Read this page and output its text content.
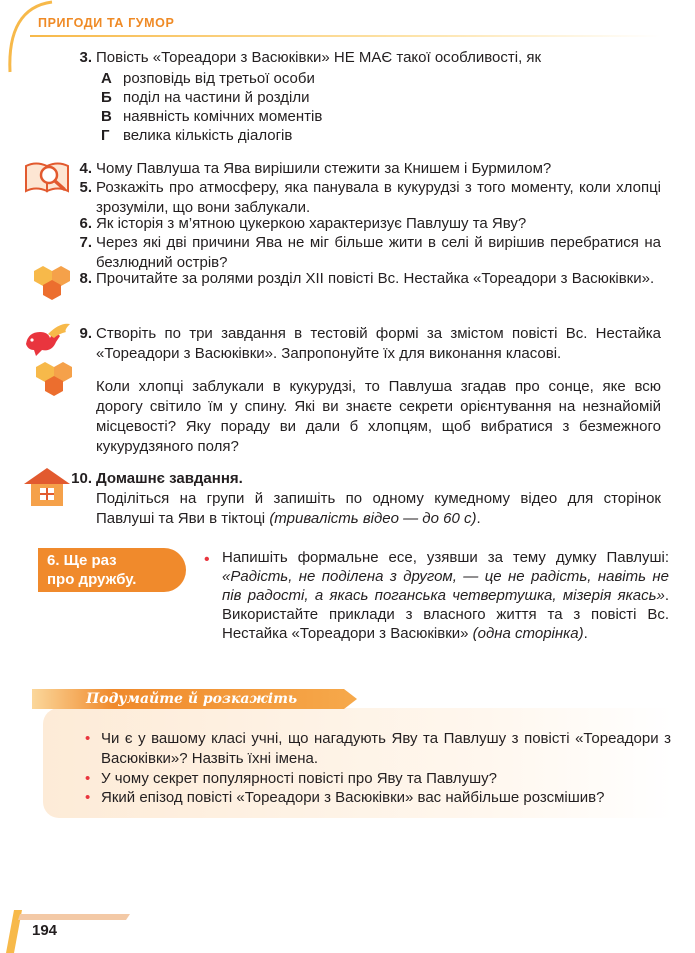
ПРИГОДИ ТА ГУМОР
3. Повість «Тореадори з Васюківки» НЕ МАЄ такої особливості, як
А розповідь від третьої особи
Б поділ на частини й розділи
В наявність комічних моментів
Г велика кількість діалогів
4. Чому Павлуша та Ява вирішили стежити за Книшем і Бурмилом?
5. Розкажіть про атмосферу, яка панувала в кукурудзі з того моменту, коли хлопці зрозуміли, що вони заблукали.
6. Як історія з м’ятною цукеркою характеризує Павлушу та Яву?
7. Через які дві причини Ява не міг більше жити в селі й вирішив перебратися на безлюдний острів?
8. Прочитайте за ролями розділ XII повісті Вс. Нестайка «Тореадори з Васюківки».
9. Створіть по три завдання в тестовій формі за змістом повісті Вс. Нестайка «Тореадори з Васюківки». Запропонуйте їх для виконання класові.
Коли хлопці заблукали в кукурудзі, то Павлуша згадав про сонце, яке всю дорогу світило їм у спину. Які ви знаєте секрети орієнтування на незнайомій місцевості? Яку пораду ви дали б хлопцям, щоб вибратися з безмежного кукурудзяного поля?
10. Домашнє завдання.
Поділіться на групи й запишіть по одному кумедному відео для сторінок Павлуші та Яви в тіктоці (тривалість відео — до 60 с).
6. Ще раз
про дружбу.
• Напишіть формальне есе, узявши за тему думку Павлуші: «Радість, не поділена з другом, — це не радість, навіть не пів радості, а якась поганська четвертушка, мізерія якась». Використайте приклади з власного життя та з повісті Вс. Нестайка «Тореадори з Васюківки» (одна сторінка).
Подумайте й розкажіть
• Чи є у вашому класі учні, що нагадують Яву та Павлушу з повісті «Тореадори з Васюківки»? Назвіть їхні імена.
• У чому секрет популярності повісті про Яву та Павлушу?
• Який епізод повісті «Тореадори з Васюківки» вас найбільше розсмішив?
194
